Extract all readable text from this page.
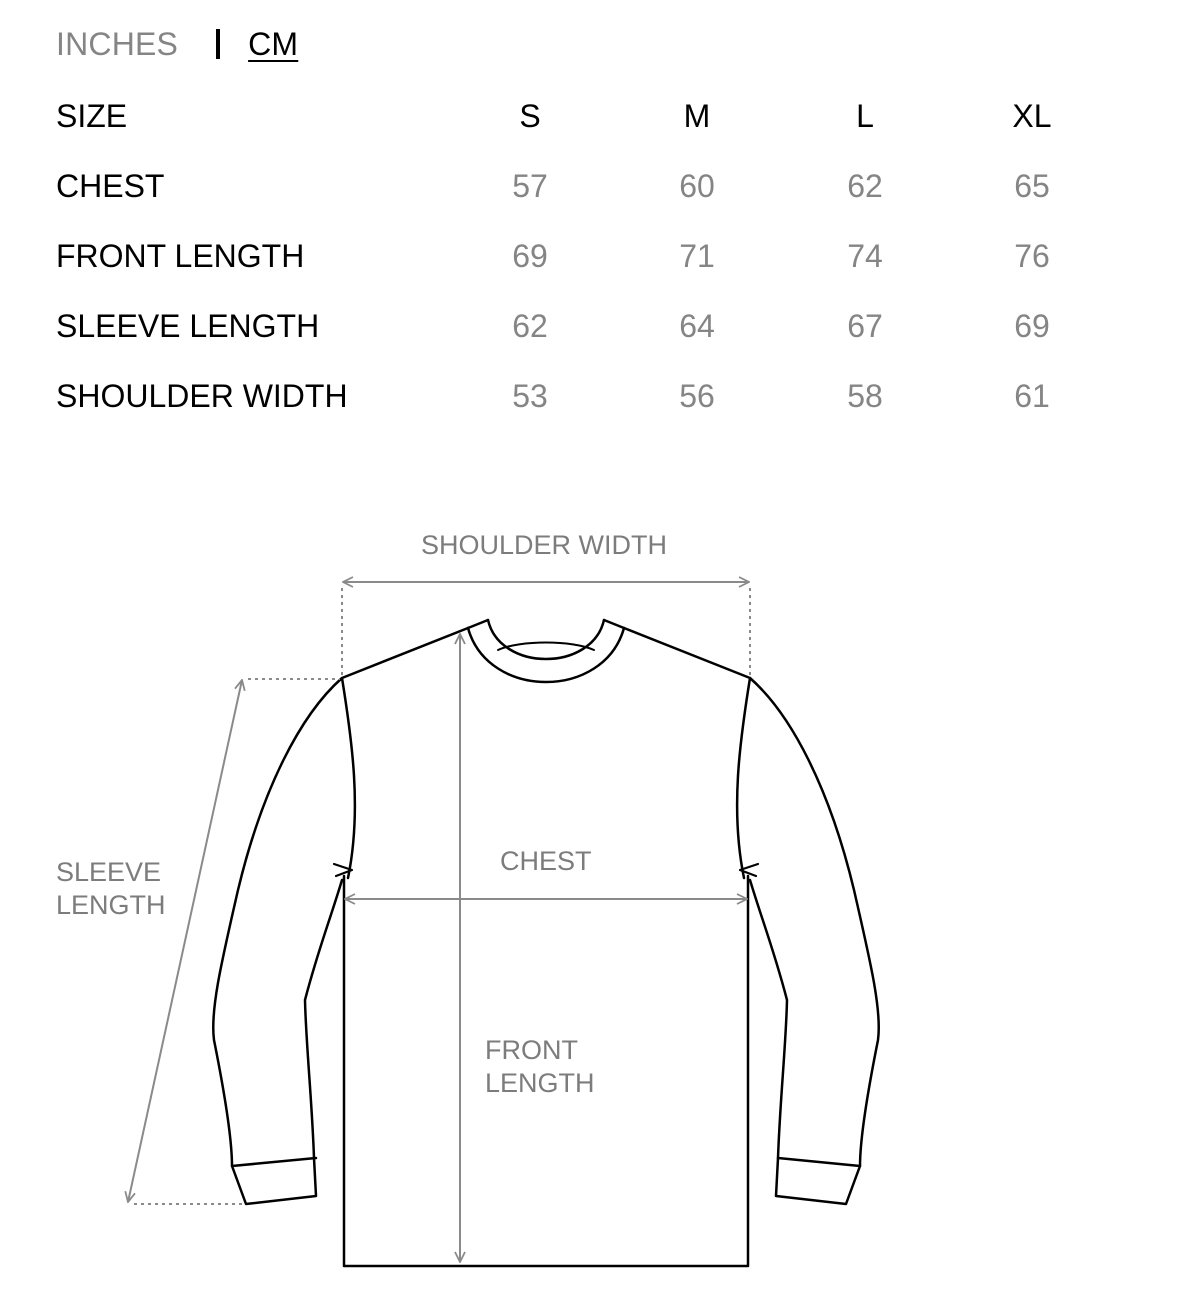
INCHES CM
SIZE	S	M	L	XL
CHEST	57	60	62	65
FRONT LENGTH	69	71	74	76
SLEEVE LENGTH	62	64	67	69
SHOULDER WIDTH	53	56	58	61
SHOULDER WIDTH
CHEST
FRONT
LENGTH
SLEEVE
LENGTH
